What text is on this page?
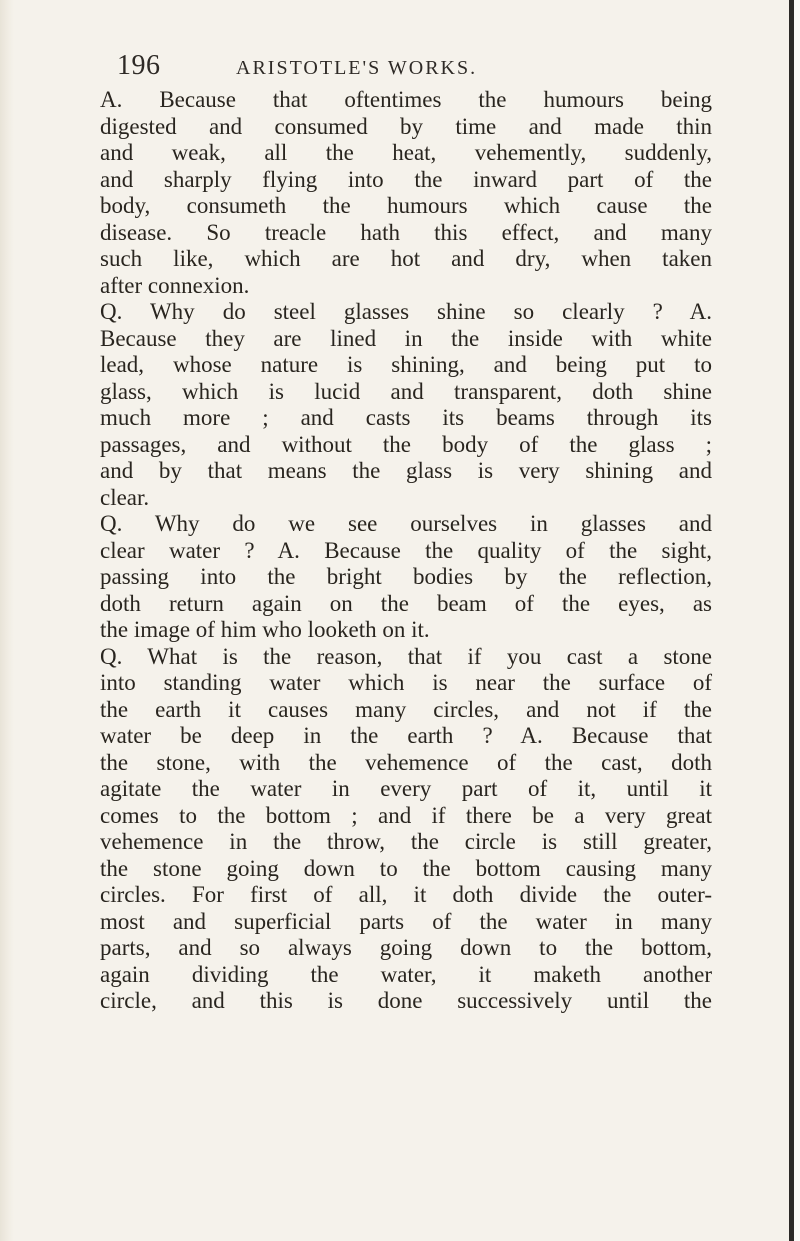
196	ARISTOTLE'S WORKS.
A. Because that oftentimes the humours being
digested and consumed by time and made thin
and weak, all the heat, vehemently, suddenly,
and sharply flying into the inward part of the
body, consumeth the humours which cause the
disease. So treacle hath this effect, and many
such like, which are hot and dry, when taken
after connexion.
Q. Why do steel glasses shine so clearly ? A.
Because they are lined in the inside with white
lead, whose nature is shining, and being put to
glass, which is lucid and transparent, doth shine
much more ; and casts its beams through its
passages, and without the body of the glass ;
and by that means the glass is very shining and
clear.
Q. Why do we see ourselves in glasses and
clear water ? A. Because the quality of the sight,
passing into the bright bodies by the reflection,
doth return again on the beam of the eyes, as
the image of him who looketh on it.
Q. What is the reason, that if you cast a stone
into standing water which is near the surface of
the earth it causes many circles, and not if the
water be deep in the earth ? A. Because that
the stone, with the vehemence of the cast, doth
agitate the water in every part of it, until it
comes to the bottom ; and if there be a very great
vehemence in the throw, the circle is still greater,
the stone going down to the bottom causing many
circles. For first of all, it doth divide the outer-
most and superficial parts of the water in many
parts, and so always going down to the bottom,
again dividing the water, it maketh another
circle, and this is done successively until the
